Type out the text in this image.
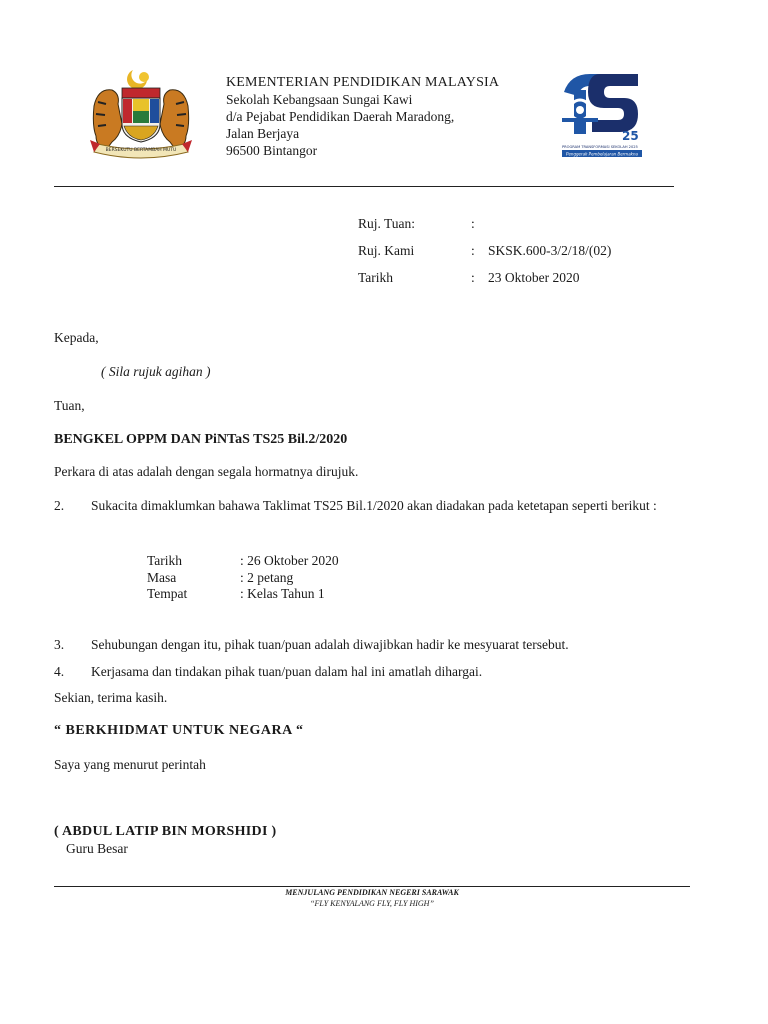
BERSEKUTU BERTAMBAH MUTU
KEMENTERIAN PENDIDIKAN MALAYSIA
Sekolah Kebangsaan Sungai Kawi
d/a Pejabat Pendidikan Daerah Maradong,
Jalan Berjaya
96500 Bintangor
25
PROGRAM TRANSFORMASI SEKOLAH 2025
Penggerak Pembelajaran Bermakna
Ruj. Tuan:	:
Ruj. Kami	: SKSK.600-3/2/18/(02)
Tarikh	: 23 Oktober 2020
Kepada,
( Sila rujuk agihan )
Tuan,
BENGKEL OPPM DAN PiNTaS TS25 Bil.2/2020
Perkara di atas adalah dengan segala hormatnya dirujuk.
2. Sukacita dimaklumkan bahawa Taklimat TS25 Bil.1/2020 akan diadakan pada ketetapan seperti berikut :
Tarikh	: 26 Oktober 2020
Masa	: 2 petang
Tempat	: Kelas Tahun 1
3. Sehubungan dengan itu, pihak tuan/puan adalah diwajibkan hadir ke mesyuarat tersebut.
4. Kerjasama dan tindakan pihak tuan/puan dalam hal ini amatlah dihargai.
Sekian, terima kasih.
“ BERKHIDMAT UNTUK NEGARA “
Saya yang menurut perintah
( ABDUL LATIP BIN MORSHIDI )
Guru Besar
MENJULANG PENDIDIKAN NEGERI SARAWAK
“FLY KENYALANG FLY, FLY HIGH”
